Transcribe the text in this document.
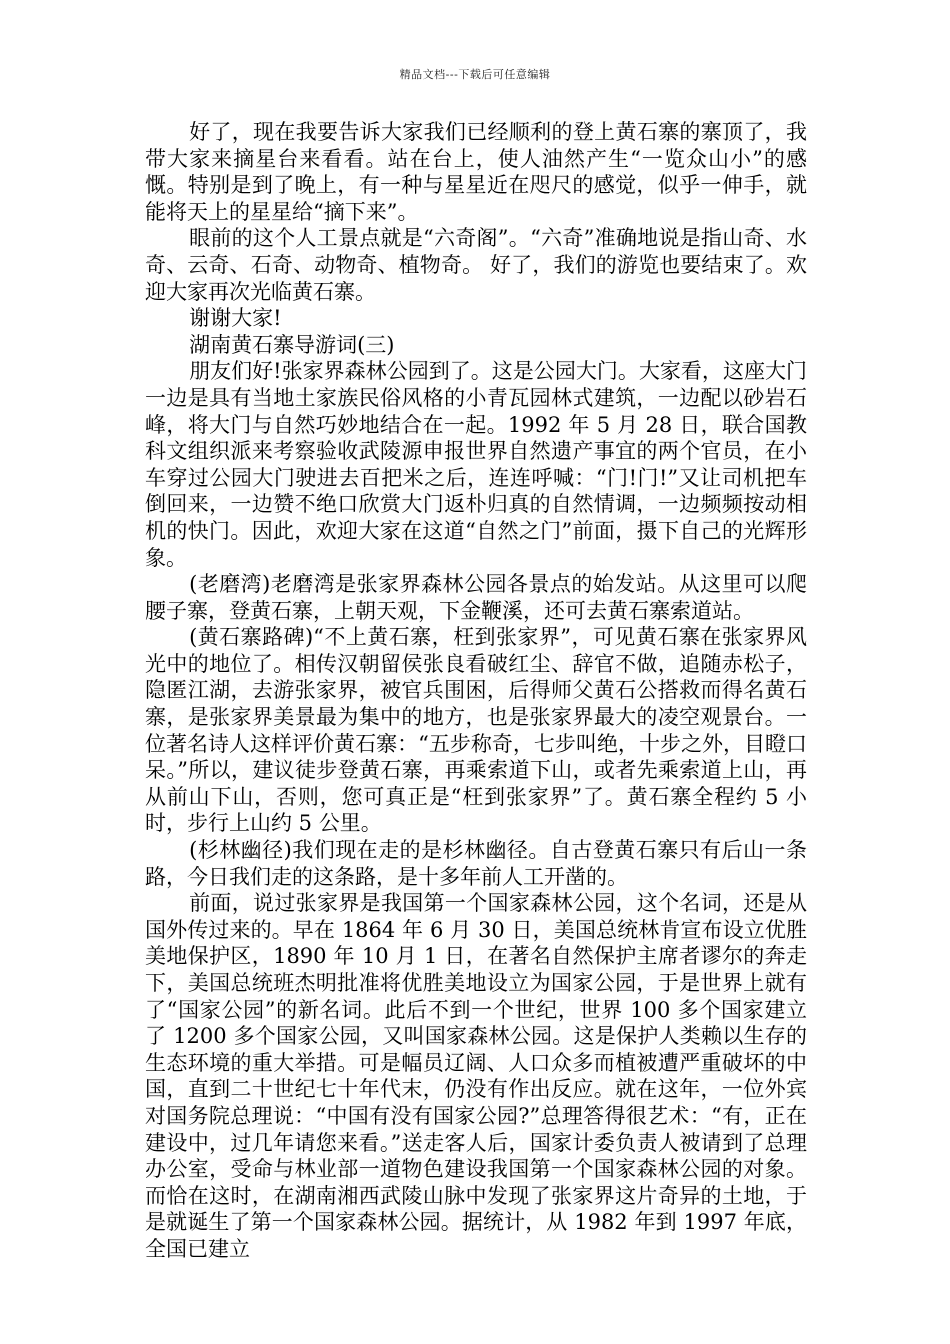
精品文档---下载后可任意编辑

好了，现在我要告诉大家我们已经顺利的登上黄石寨的寨顶了，我带大家来摘星台来看看。站在台上，使人油然产生“一览众山小”的感慨。特别是到了晚上，有一种与星星近在咫尺的感觉，似乎一伸手，就能将天上的星星给“摘下来”。

眼前的这个人工景点就是“六奇阁”。“六奇”准确地说是指山奇、水奇、云奇、石奇、动物奇、植物奇。 好了，我们的游览也要结束了。欢迎大家再次光临黄石寨。

谢谢大家!

湖南黄石寨导游词(三)

朋友们好!张家界森林公园到了。这是公园大门。大家看，这座大门一边是具有当地土家族民俗风格的小青瓦园林式建筑，一边配以砂岩石峰，将大门与自然巧妙地结合在一起。1992 年 5 月 28 日，联合国教科文组织派来考察验收武陵源申报世界自然遗产事宜的两个官员，在小车穿过公园大门驶进去百把米之后，连连呼喊：“门!门!”又让司机把车倒回来，一边赞不绝口欣赏大门返朴归真的自然情调，一边频频按动相机的快门。因此，欢迎大家在这道“自然之门”前面，摄下自己的光辉形象。

(老磨湾)老磨湾是张家界森林公园各景点的始发站。从这里可以爬腰子寨，登黄石寨，上朝天观，下金鞭溪，还可去黄石寨索道站。

(黄石寨路碑)“不上黄石寨，枉到张家界”，可见黄石寨在张家界风光中的地位了。相传汉朝留侯张良看破红尘、辞官不做，追随赤松子，隐匿江湖，去游张家界，被官兵围困，后得师父黄石公搭救而得名黄石寨，是张家界美景最为集中的地方，也是张家界最大的凌空观景台。一位著名诗人这样评价黄石寨：“五步称奇，七步叫绝，十步之外，目瞪口呆。”所以，建议徒步登黄石寨，再乘索道下山，或者先乘索道上山，再从前山下山，否则，您可真正是“枉到张家界”了。黄石寨全程约 5 小时，步行上山约 5 公里。

(杉林幽径)我们现在走的是杉林幽径。自古登黄石寨只有后山一条路，今日我们走的这条路，是十多年前人工开凿的。

前面，说过张家界是我国第一个国家森林公园，这个名词，还是从国外传过来的。早在 1864 年 6 月 30 日，美国总统林肯宣布设立优胜美地保护区，1890 年 10 月 1 日，在著名自然保护主席者谬尔的奔走下，美国总统班杰明批准将优胜美地设立为国家公园，于是世界上就有了“国家公园”的新名词。此后不到一个世纪，世界 100 多个国家建立了 1200 多个国家公园，又叫国家森林公园。这是保护人类赖以生存的生态环境的重大举措。可是幅员辽阔、人口众多而植被遭严重破坏的中国，直到二十世纪七十年代末，仍没有作出反应。就在这年，一位外宾对国务院总理说：“中国有没有国家公园?”总理答得很艺术：“有，正在建设中，过几年请您来看。”送走客人后，国家计委负责人被请到了总理办公室，受命与林业部一道物色建设我国第一个国家森林公园的对象。而恰在这时，在湖南湘西武陵山脉中发现了张家界这片奇异的土地，于是就诞生了第一个国家森林公园。据统计，从 1982 年到 1997 年底，全国已建立
